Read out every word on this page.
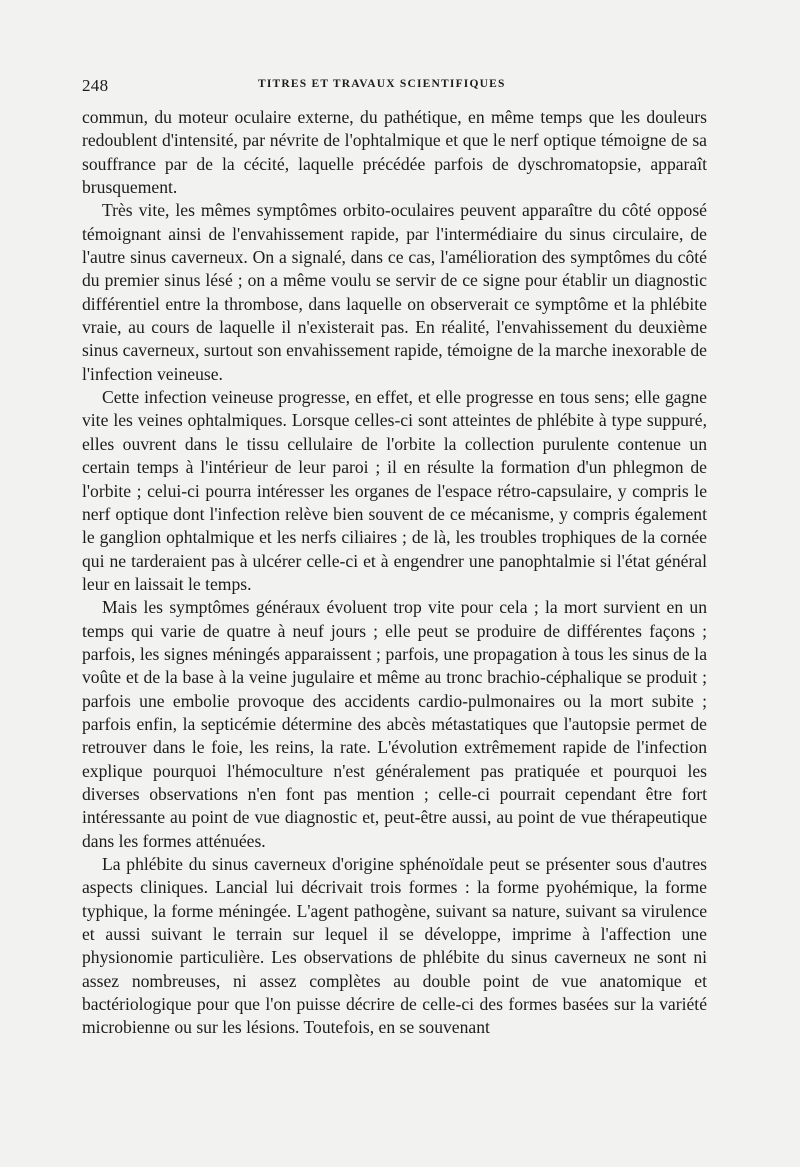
248	TITRES ET TRAVAUX SCIENTIFIQUES

commun, du moteur oculaire externe, du pathétique, en même temps que les douleurs redoublent d'intensité, par névrite de l'ophtalmique et que le nerf optique témoigne de sa souffrance par de la cécité, laquelle précédée parfois de dyschromatopsie, apparaît brusquement.

Très vite, les mêmes symptômes orbito-oculaires peuvent apparaître du côté opposé témoignant ainsi de l'envahissement rapide, par l'intermédiaire du sinus circulaire, de l'autre sinus caverneux. On a signalé, dans ce cas, l'amélioration des symptômes du côté du premier sinus lésé ; on a même voulu se servir de ce signe pour établir un diagnostic différentiel entre la thrombose, dans laquelle on observerait ce symptôme et la phlébite vraie, au cours de laquelle il n'existerait pas. En réalité, l'envahissement du deuxième sinus caverneux, surtout son envahissement rapide, témoigne de la marche inexorable de l'infection veineuse.

Cette infection veineuse progresse, en effet, et elle progresse en tous sens; elle gagne vite les veines ophtalmiques. Lorsque celles-ci sont atteintes de phlébite à type suppuré, elles ouvrent dans le tissu cellulaire de l'orbite la collection purulente contenue un certain temps à l'intérieur de leur paroi ; il en résulte la formation d'un phlegmon de l'orbite ; celui-ci pourra intéresser les organes de l'espace rétro-capsulaire, y compris le nerf optique dont l'infection relève bien souvent de ce mécanisme, y compris également le ganglion ophtalmique et les nerfs ciliaires ; de là, les troubles trophiques de la cornée qui ne tarderaient pas à ulcérer celle-ci et à engendrer une panophtalmie si l'état général leur en laissait le temps.

Mais les symptômes généraux évoluent trop vite pour cela ; la mort survient en un temps qui varie de quatre à neuf jours ; elle peut se produire de différentes façons ; parfois, les signes méningés apparaissent ; parfois, une propagation à tous les sinus de la voûte et de la base à la veine jugulaire et même au tronc brachio-céphalique se produit ; parfois une embolie provoque des accidents cardio-pulmonaires ou la mort subite ; parfois enfin, la septicémie détermine des abcès métastatiques que l'autopsie permet de retrouver dans le foie, les reins, la rate. L'évolution extrêmement rapide de l'infection explique pourquoi l'hémoculture n'est généralement pas pratiquée et pourquoi les diverses observations n'en font pas mention ; celle-ci pourrait cependant être fort intéressante au point de vue diagnostic et, peut-être aussi, au point de vue thérapeutique dans les formes atténuées.

La phlébite du sinus caverneux d'origine sphénoïdale peut se présenter sous d'autres aspects cliniques. Lancial lui décrivait trois formes : la forme pyohémique, la forme typhique, la forme méningée. L'agent pathogène, suivant sa nature, suivant sa virulence et aussi suivant le terrain sur lequel il se développe, imprime à l'affection une physionomie particulière. Les observations de phlébite du sinus caverneux ne sont ni assez nombreuses, ni assez complètes au double point de vue anatomique et bactériologique pour que l'on puisse décrire de celle-ci des formes basées sur la variété microbienne ou sur les lésions. Toutefois, en se souvenant
